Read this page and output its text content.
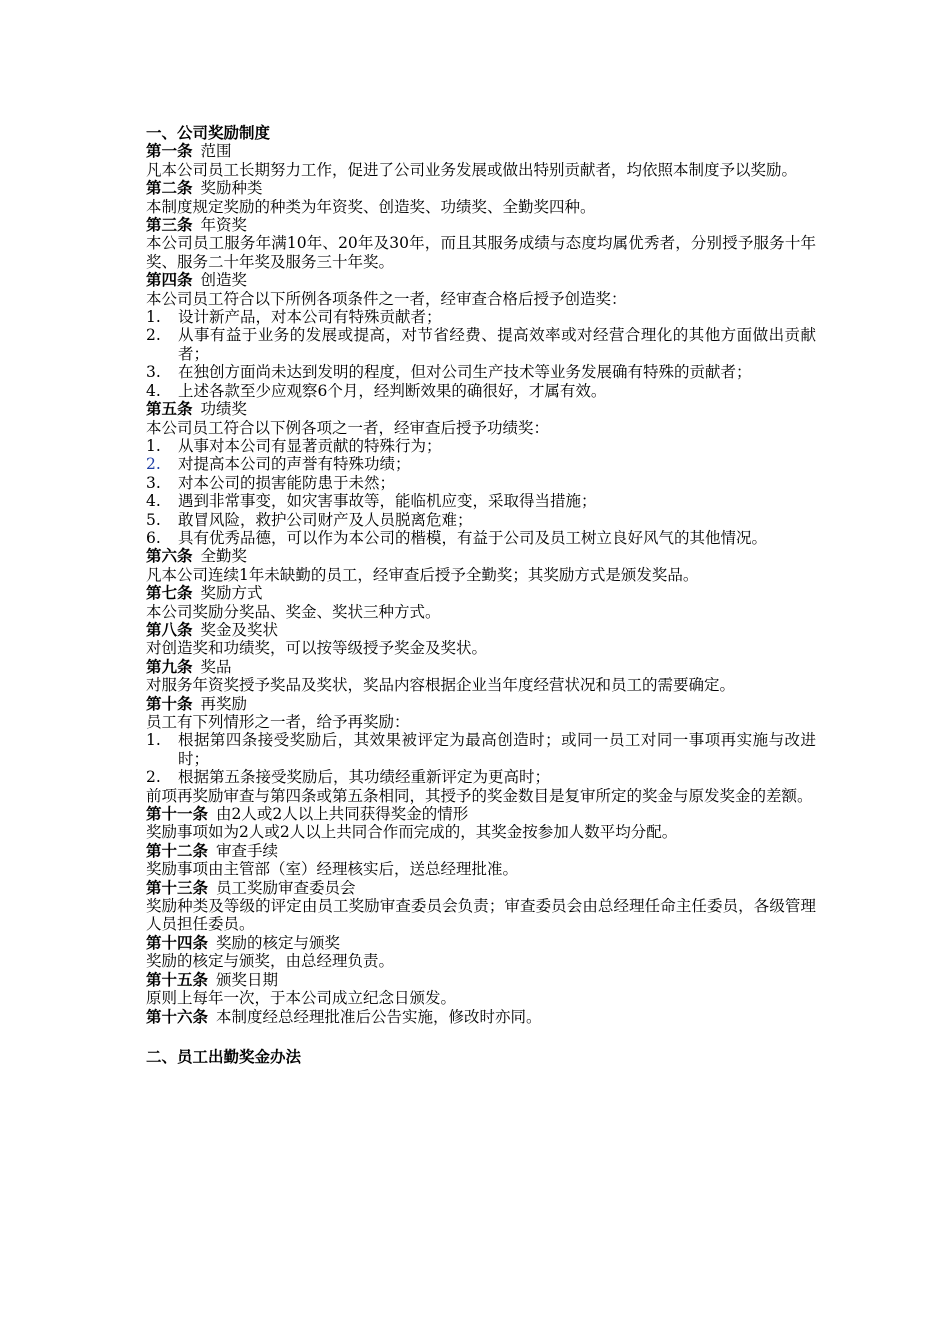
一、公司奖励制度
第一条 范围
凡本公司员工长期努力工作，促进了公司业务发展或做出特别贡献者，均依照本制度予以奖励。
第二条 奖励种类
本制度规定奖励的种类为年资奖、创造奖、功绩奖、全勤奖四种。
第三条 年资奖
本公司员工服务年满10年、20年及30年，而且其服务成绩与态度均属优秀者，分别授予服务十年奖、服务二十年奖及服务三十年奖。
第四条 创造奖
本公司员工符合以下所例各项条件之一者，经审查合格后授予创造奖：
1.	设计新产品，对本公司有特殊贡献者；
2.	从事有益于业务的发展或提高，对节省经费、提高效率或对经营合理化的其他方面做出贡献者；
3.	在独创方面尚未达到发明的程度，但对公司生产技术等业务发展确有特殊的贡献者；
4.	上述各款至少应观察6个月，经判断效果的确很好，才属有效。
第五条 功绩奖
本公司员工符合以下例各项之一者，经审查后授予功绩奖：
1.	从事对本公司有显著贡献的特殊行为；
2.	对提高本公司的声誉有特殊功绩；
3.	对本公司的损害能防患于未然；
4.	遇到非常事变，如灾害事故等，能临机应变，采取得当措施；
5.	敢冒风险，救护公司财产及人员脱离危难；
6.	具有优秀品德，可以作为本公司的楷模，有益于公司及员工树立良好风气的其他情况。
第六条 全勤奖
凡本公司连续1年未缺勤的员工，经审查后授予全勤奖；其奖励方式是颁发奖品。
第七条 奖励方式
本公司奖励分奖品、奖金、奖状三种方式。
第八条 奖金及奖状
对创造奖和功绩奖，可以按等级授予奖金及奖状。
第九条 奖品
对服务年资奖授予奖品及奖状，奖品内容根据企业当年度经营状况和员工的需要确定。
第十条 再奖励
员工有下列情形之一者，给予再奖励：
1.	根据第四条接受奖励后，其效果被评定为最高创造时；或同一员工对同一事项再实施与改进时；
2.	根据第五条接受奖励后，其功绩经重新评定为更高时；
前项再奖励审查与第四条或第五条相同，其授予的奖金数目是复审所定的奖金与原发奖金的差额。
第十一条 由2人或2人以上共同获得奖金的情形
奖励事项如为2人或2人以上共同合作而完成的，其奖金按参加人数平均分配。
第十二条 审查手续
奖励事项由主管部（室）经理核实后，送总经理批准。
第十三条 员工奖励审查委员会
奖励种类及等级的评定由员工奖励审查委员会负责；审查委员会由总经理任命主任委员，各级管理人员担任委员。
第十四条 奖励的核定与颁奖
奖励的核定与颁奖，由总经理负责。
第十五条 颁奖日期
原则上每年一次，于本公司成立纪念日颁发。
第十六条 本制度经总经理批准后公告实施，修改时亦同。
二、员工出勤奖金办法
